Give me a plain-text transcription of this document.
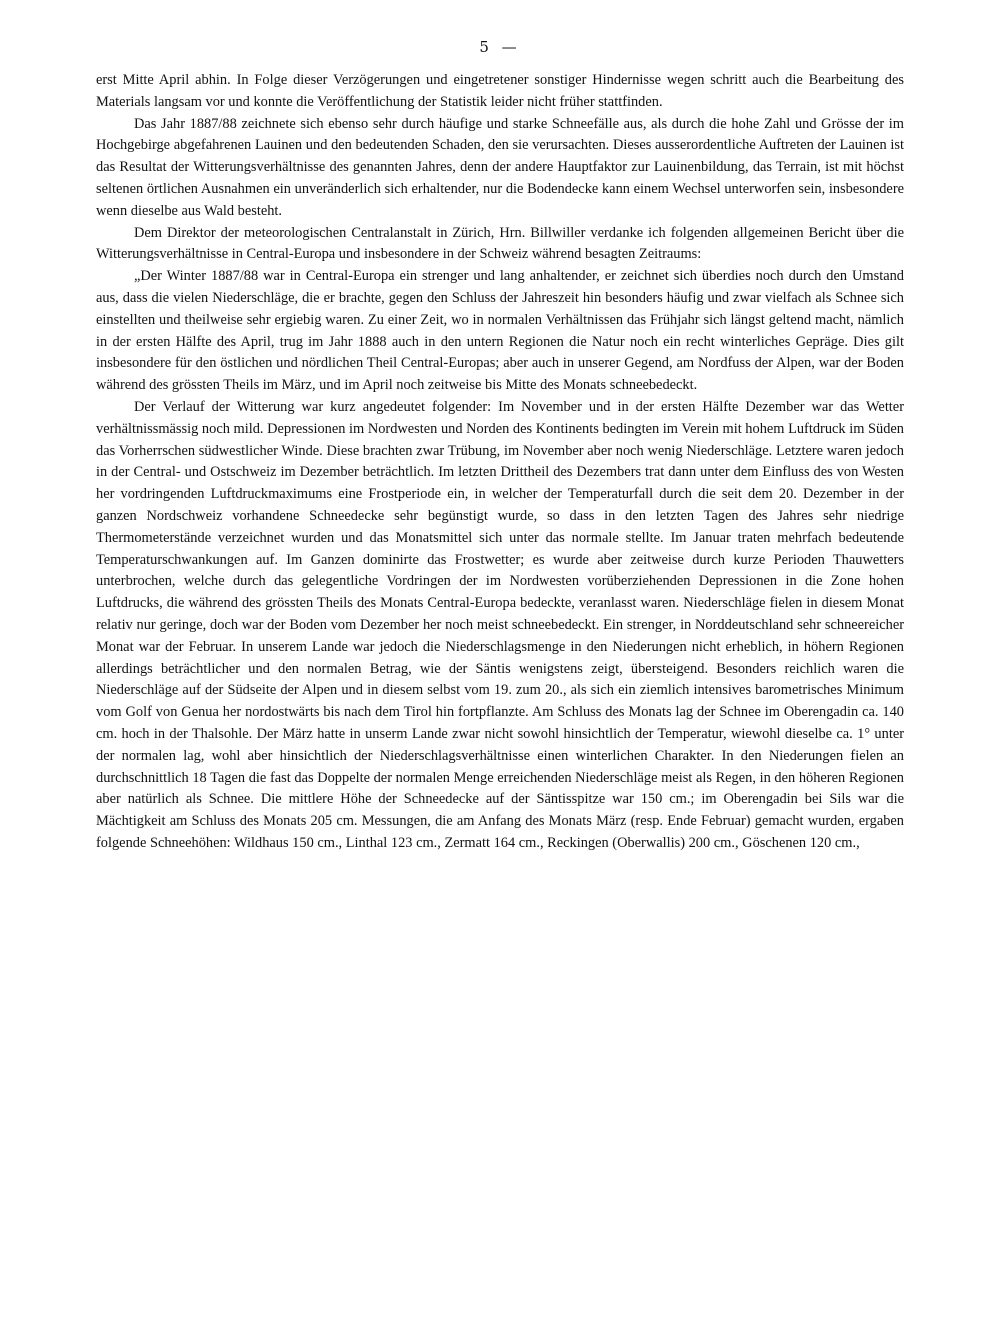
5 —

erst Mitte April abhin. In Folge dieser Verzögerungen und eingetretener sonstiger Hindernisse wegen schritt auch die Bearbeitung des Materials langsam vor und konnte die Veröffentlichung der Statistik leider nicht früher stattfinden.

Das Jahr 1887/88 zeichnete sich ebenso sehr durch häufige und starke Schneefälle aus, als durch die hohe Zahl und Grösse der im Hochgebirge abgefahrenen Lauinen und den bedeutenden Schaden, den sie verursachten. Dieses ausserordentliche Auftreten der Lauinen ist das Resultat der Witterungsverhältnisse des genannten Jahres, denn der andere Hauptfaktor zur Lauinenbildung, das Terrain, ist mit höchst seltenen örtlichen Ausnahmen ein unveränderlich sich erhaltender, nur die Bodendecke kann einem Wechsel unterworfen sein, insbesondere wenn dieselbe aus Wald besteht.

Dem Direktor der meteorologischen Centralanstalt in Zürich, Hrn. Billwiller verdanke ich folgenden allgemeinen Bericht über die Witterungsverhältnisse in Central-Europa und insbesondere in der Schweiz während besagten Zeitraums:

„Der Winter 1887/88 war in Central-Europa ein strenger und lang anhaltender, er zeichnet sich überdies noch durch den Umstand aus, dass die vielen Niederschläge, die er brachte, gegen den Schluss der Jahreszeit hin besonders häufig und zwar vielfach als Schnee sich einstellten und theilweise sehr ergiebig waren. Zu einer Zeit, wo in normalen Verhältnissen das Frühjahr sich längst geltend macht, nämlich in der ersten Hälfte des April, trug im Jahr 1888 auch in den untern Regionen die Natur noch ein recht winterliches Gepräge. Dies gilt insbesondere für den östlichen und nördlichen Theil Central-Europas; aber auch in unserer Gegend, am Nordfuss der Alpen, war der Boden während des grössten Theils im März, und im April noch zeitweise bis Mitte des Monats schneebedeckt.

Der Verlauf der Witterung war kurz angedeutet folgender: Im November und in der ersten Hälfte Dezember war das Wetter verhältnissmässig noch mild. Depressionen im Nordwesten und Norden des Kontinents bedingten im Verein mit hohem Luftdruck im Süden das Vorherrschen südwestlicher Winde. Diese brachten zwar Trübung, im November aber noch wenig Niederschläge. Letztere waren jedoch in der Central- und Ostschweiz im Dezember beträchtlich. Im letzten Drittheil des Dezembers trat dann unter dem Einfluss des von Westen her vordringenden Luftdruckmaximums eine Frostperiode ein, in welcher der Temperaturfall durch die seit dem 20. Dezember in der ganzen Nordschweiz vorhandene Schneedecke sehr begünstigt wurde, so dass in den letzten Tagen des Jahres sehr niedrige Thermometerstände verzeichnet wurden und das Monatsmittel sich unter das normale stellte. Im Januar traten mehrfach bedeutende Temperaturschwankungen auf. Im Ganzen dominirte das Frostwetter; es wurde aber zeitweise durch kurze Perioden Thauwetters unterbrochen, welche durch das gelegentliche Vordringen der im Nordwesten vorüberziehenden Depressionen in die Zone hohen Luftdrucks, die während des grössten Theils des Monats Central-Europa bedeckte, veranlasst waren. Niederschläge fielen in diesem Monat relativ nur geringe, doch war der Boden vom Dezember her noch meist schneebedeckt. Ein strenger, in Norddeutschland sehr schneereicher Monat war der Februar. In unserem Lande war jedoch die Niederschlagsmenge in den Niederungen nicht erheblich, in höhern Regionen allerdings beträchtlicher und den normalen Betrag, wie der Säntis wenigstens zeigt, übersteigend. Besonders reichlich waren die Niederschläge auf der Südseite der Alpen und in diesem selbst vom 19. zum 20., als sich ein ziemlich intensives barometrisches Minimum vom Golf von Genua her nordostwärts bis nach dem Tirol hin fortpflanzte. Am Schluss des Monats lag der Schnee im Oberengadin ca. 140 cm. hoch in der Thalsohle. Der März hatte in unserm Lande zwar nicht sowohl hinsichtlich der Temperatur, wiewohl dieselbe ca. 1° unter der normalen lag, wohl aber hinsichtlich der Niederschlagsverhältnisse einen winterlichen Charakter. In den Niederungen fielen an durchschnittlich 18 Tagen die fast das Doppelte der normalen Menge erreichenden Niederschläge meist als Regen, in den höheren Regionen aber natürlich als Schnee. Die mittlere Höhe der Schneedecke auf der Säntisspitze war 150 cm.; im Oberengadin bei Sils war die Mächtigkeit am Schluss des Monats 205 cm. Messungen, die am Anfang des Monats März (resp. Ende Februar) gemacht wurden, ergaben folgende Schneehöhen: Wildhaus 150 cm., Linthal 123 cm., Zermatt 164 cm., Reckingen (Oberwallis) 200 cm., Göschenen 120 cm.,
